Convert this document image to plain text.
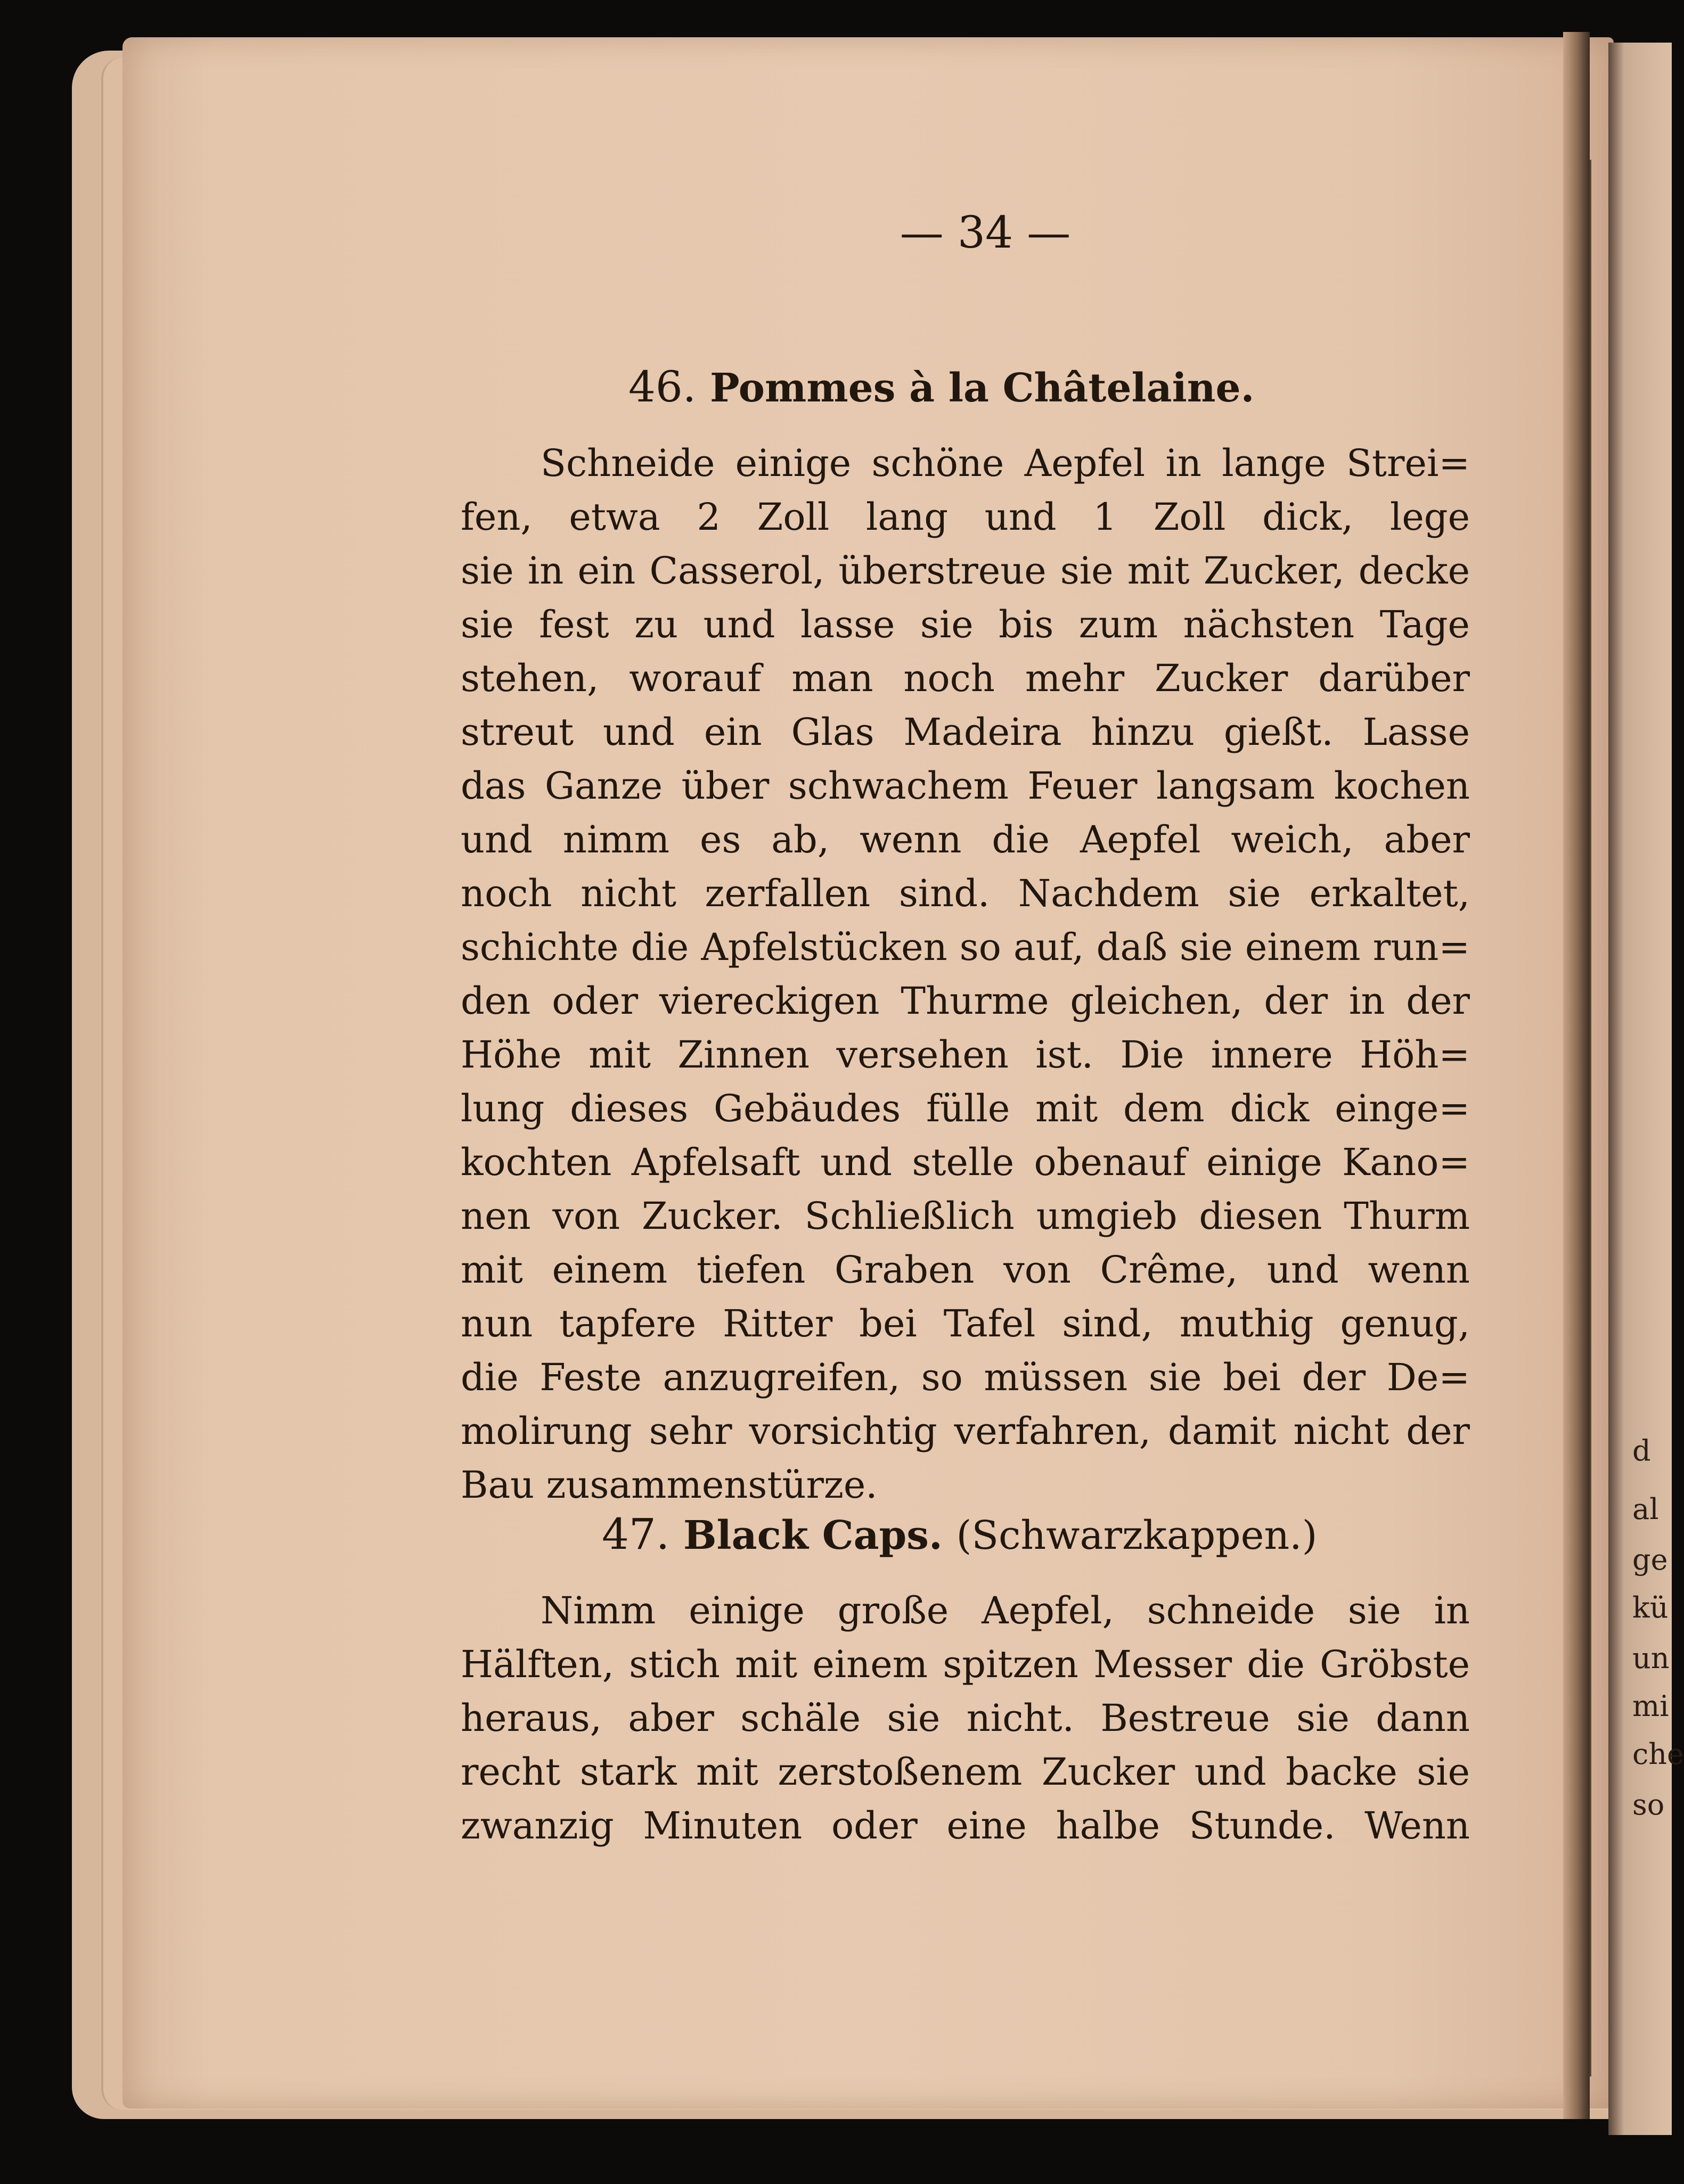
— 34 —
46. Pommes à la Châtelaine.
Schneide einige schöne Aepfel in lange Strei=
fen, etwa 2 Zoll lang und 1 Zoll dick, lege
sie in ein Casserol, überstreue sie mit Zucker, decke
sie fest zu und lasse sie bis zum nächsten Tage
stehen, worauf man noch mehr Zucker darüber
streut und ein Glas Madeira hinzu gießt. Lasse
das Ganze über schwachem Feuer langsam kochen
und nimm es ab, wenn die Aepfel weich, aber
noch nicht zerfallen sind. Nachdem sie erkaltet,
schichte die Apfelstücken so auf, daß sie einem run=
den oder viereckigen Thurme gleichen, der in der
Höhe mit Zinnen versehen ist. Die innere Höh=
lung dieses Gebäudes fülle mit dem dick einge=
kochten Apfelsaft und stelle obenauf einige Kano=
nen von Zucker. Schließlich umgieb diesen Thurm
mit einem tiefen Graben von Crême, und wenn
nun tapfere Ritter bei Tafel sind, muthig genug,
die Feste anzugreifen, so müssen sie bei der De=
molirung sehr vorsichtig verfahren, damit nicht der
Bau zusammenstürze.
47. Black Caps. (Schwarzkappen.)
Nimm einige große Aepfel, schneide sie in
Hälften, stich mit einem spitzen Messer die Gröbste
heraus, aber schäle sie nicht. Bestreue sie dann
recht stark mit zerstoßenem Zucker und backe sie
zwanzig Minuten oder eine halbe Stunde. Wenn
d
al
ge
kü
un
mi
che
so
